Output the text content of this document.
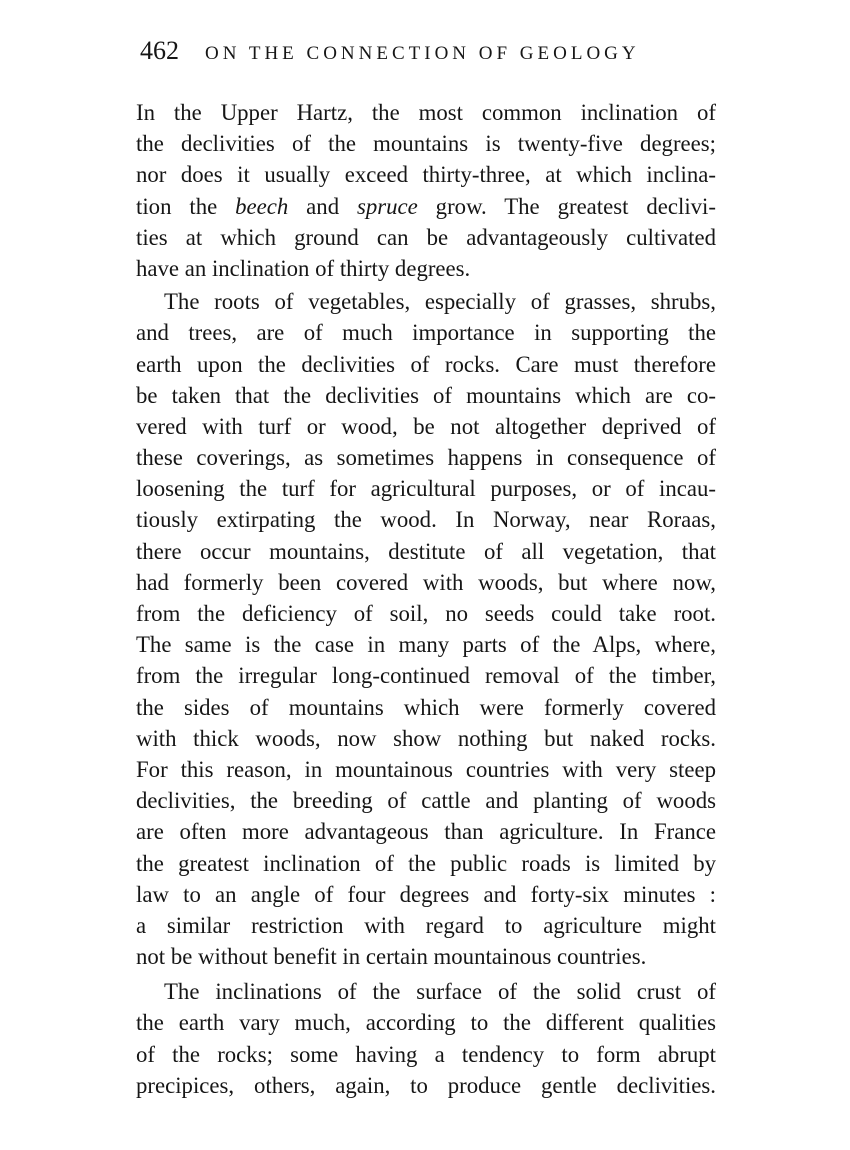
462 ON THE CONNECTION OF GEOLOGY
In the Upper Hartz, the most common inclination of
the declivities of the mountains is twenty-five degrees;
nor does it usually exceed thirty-three, at which inclina-
tion the beech and spruce grow. The greatest declivi-
ties at which ground can be advantageously cultivated
have an inclination of thirty degrees.
The roots of vegetables, especially of grasses, shrubs,
and trees, are of much importance in supporting the
earth upon the declivities of rocks. Care must therefore
be taken that the declivities of mountains which are co-
vered with turf or wood, be not altogether deprived of
these coverings, as sometimes happens in consequence of
loosening the turf for agricultural purposes, or of incau-
tiously extirpating the wood. In Norway, near Roraas,
there occur mountains, destitute of all vegetation, that
had formerly been covered with woods, but where now,
from the deficiency of soil, no seeds could take root.
The same is the case in many parts of the Alps, where,
from the irregular long-continued removal of the timber,
the sides of mountains which were formerly covered
with thick woods, now show nothing but naked rocks.
For this reason, in mountainous countries with very steep
declivities, the breeding of cattle and planting of woods
are often more advantageous than agriculture. In France
the greatest inclination of the public roads is limited by
law to an angle of four degrees and forty-six minutes :
a similar restriction with regard to agriculture might
not be without benefit in certain mountainous countries.
The inclinations of the surface of the solid crust of
the earth vary much, according to the different qualities
of the rocks; some having a tendency to form abrupt
precipices, others, again, to produce gentle declivities.
